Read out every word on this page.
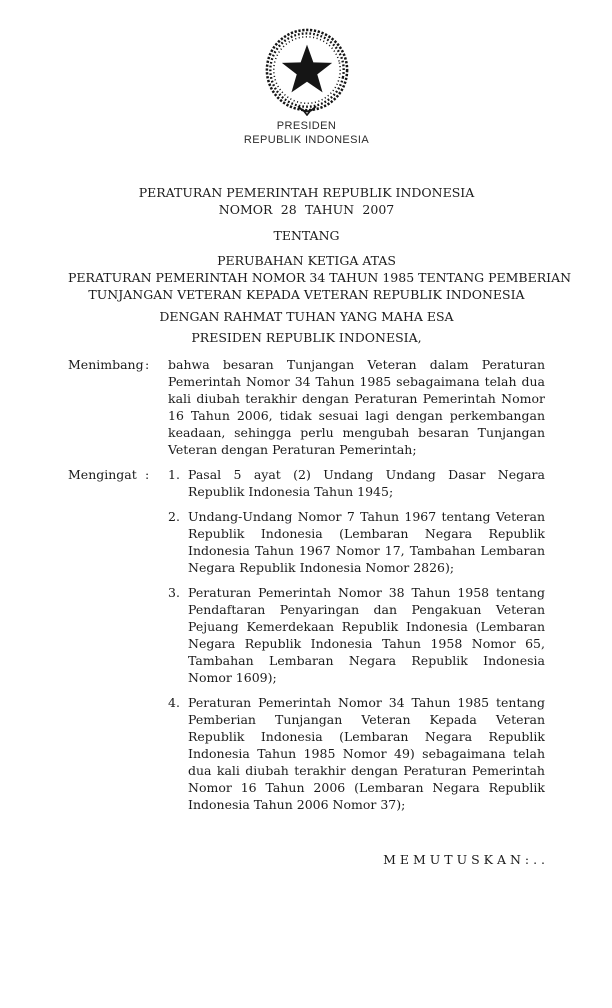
PRESIDEN
REPUBLIK INDONESIA
PERATURAN PEMERINTAH REPUBLIK INDONESIA
NOMOR 28 TAHUN 2007
TENTANG
PERUBAHAN KETIGA ATAS
PERATURAN PEMERINTAH NOMOR 34 TAHUN 1985 TENTANG PEMBERIAN
TUNJANGAN VETERAN KEPADA VETERAN REPUBLIK INDONESIA
DENGAN RAHMAT TUHAN YANG MAHA ESA
PRESIDEN REPUBLIK INDONESIA,
Menimbang :	bahwa besaran Tunjangan Veteran dalam Peraturan Pemerintah Nomor 34 Tahun 1985 sebagaimana telah dua kali diubah terakhir dengan Peraturan Pemerintah Nomor 16 Tahun 2006, tidak sesuai lagi dengan perkembangan keadaan, sehingga perlu mengubah besaran Tunjangan Veteran dengan Peraturan Pemerintah;
Mengingat :	1. Pasal 5 ayat (2) Undang Undang Dasar Negara Republik Indonesia Tahun 1945;
2. Undang-Undang Nomor 7 Tahun 1967 tentang Veteran Republik Indonesia (Lembaran Negara Republik Indonesia Tahun 1967 Nomor 17, Tambahan Lembaran Negara Republik Indonesia Nomor 2826);
3. Peraturan Pemerintah Nomor 38 Tahun 1958 tentang Pendaftaran Penyaringan dan Pengakuan Veteran Pejuang Kemerdekaan Republik Indonesia (Lembaran Negara Republik Indonesia Tahun 1958 Nomor 65, Tambahan Lembaran Negara Republik Indonesia Nomor 1609);
4. Peraturan Pemerintah Nomor 34 Tahun 1985 tentang Pemberian Tunjangan Veteran Kepada Veteran Republik Indonesia (Lembaran Negara Republik Indonesia Tahun 1985 Nomor 49) sebagaimana telah dua kali diubah terakhir dengan Peraturan Pemerintah Nomor 16 Tahun 2006 (Lembaran Negara Republik Indonesia Tahun 2006 Nomor 37);
M E M U T U S K A N : . .
